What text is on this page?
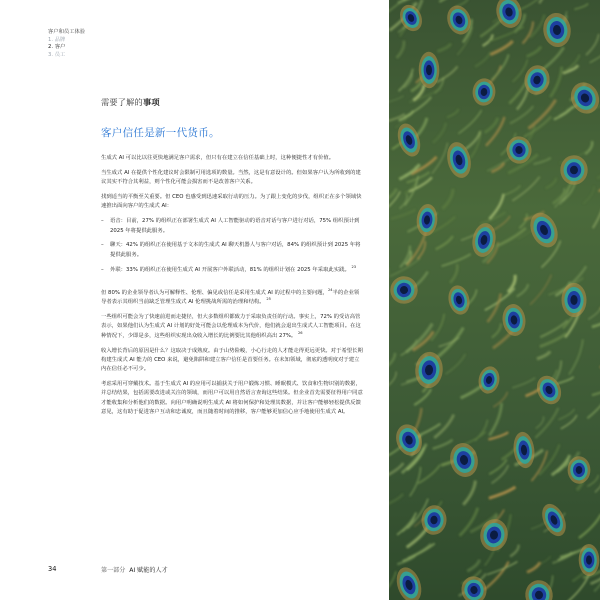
客户和员工体验
1. 品牌
2. 客户
3. 员工

需要了解的事项

客户信任是新一代货币。

生成式 AI 可以比以往更快地满足客户需求，但只有在建立在信任基础上时，这种便捷性才有价值。

当生成式 AI 在提供个性化建议时会限制可用选项的数量。当然，这是有意设计的。但如果客户认为所收到的建议其实不符合其利益，则个性化可能会损害而不是改善客户关系。

找到适当的平衡至关重要。但 CEO 也感受到迅速采取行动的压力。为了跟上变化的步伐，组织正在多个领域快速推出面向客户的生成式 AI：

– 语音：目前，27% 的组织正在部署生成式 AI 人工智能驱动的语音对话与客户进行对话，75% 组织预计到 2025 年将提供此服务。
– 聊天：42% 的组织正在使用基于文本的生成式 AI 聊天机器人与客户对话，84% 的组织预计到 2025 年将提供此服务。
– 外联：33% 的组织正在使用生成式 AI 开展客户外联活动，81% 的组织计划在 2025 年采取此实践。 $^{23}$

但 80% 的企业领导者认为可解释性、伦理、偏见或信任是采用生成式 AI 的过程中的主要问题，$^{24}$半的企业领导者表示其组织当前缺乏管理生成式 AI 伦理挑战所需的治理和结构。 $^{25}$

一些组织可能会为了快速前进而走捷径，但大多数组织都致力于采取负责任的行动。事实上，72% 的受访高管表示，如果他们认为生成式 AI 计划的好处可能会以伦理成本为代价，他们就会退出生成式人工智能项目。在这种情况下，少即是多，这些组织实现出众收入增长的比例要比其他组织高出 27%。 $^{26}$

收入增长背后的原因是什么？这取决于成熟度。由于山势险峻，小心行走的人才能走得更远更快。对于希望长期构建生成式 AI 能力的 CEO 来说，避免陷阱和建立客户信任是首要任务。在未知领域，彻底的透明度对于建立内在信任必不可少。

考虑采用可穿戴技术。基于生成式 AI 的应用可以捕获关于用户锻炼习惯、睡眠模式、饮食和生物识别的数据，并总结结果，包括需要改进或关注的领域，而用户可以用自然语言查询这些结果。但企业首先需要征得用户同意才能收集和分析他们的数据。向用户明确说明生成式 AI 将如何保护和处理其数据，并让客户能够轻松提供反馈意见，这有助于促进客户互动和忠诚度，而且随着时间的推移，客户能够更加信心应手地使用生成式 AI。

34	第一部分 AI 赋能的人才
